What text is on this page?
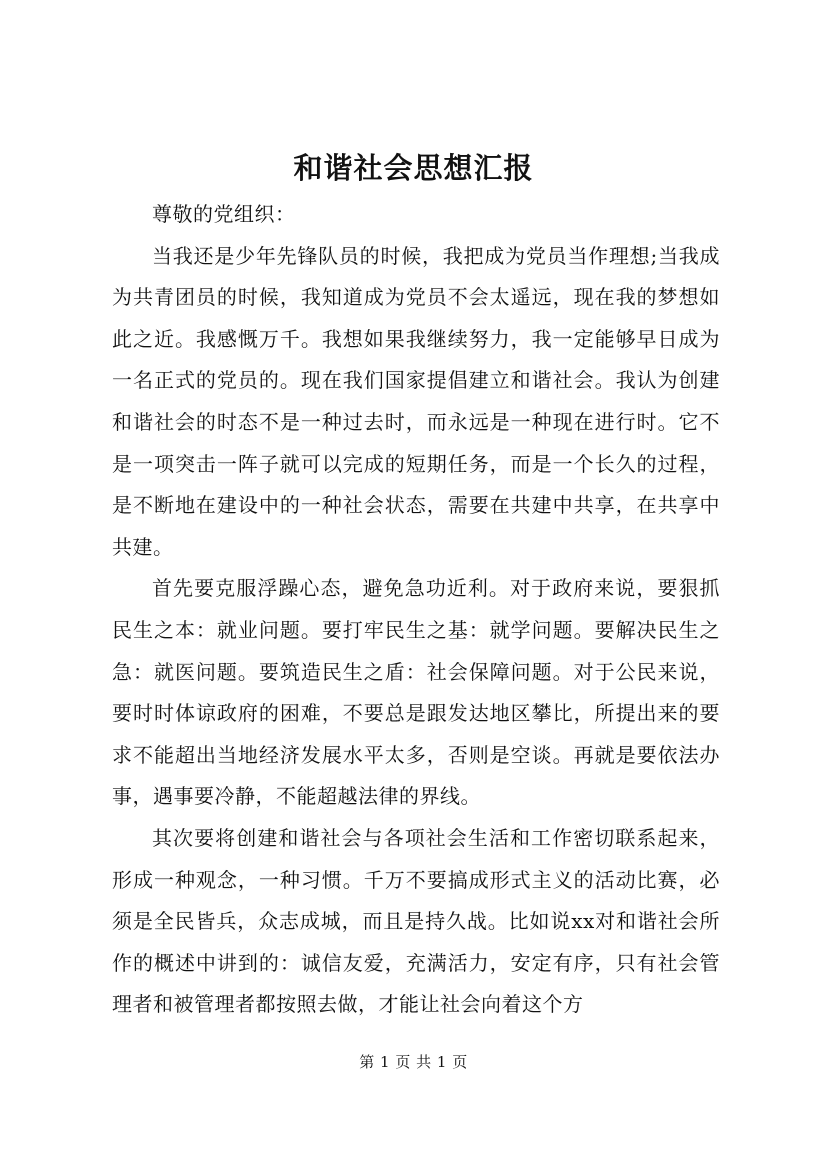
和谐社会思想汇报

尊敬的党组织：

当我还是少年先锋队员的时候，我把成为党员当作理想;当我成为共青团员的时候，我知道成为党员不会太遥远，现在我的梦想如此之近。我感慨万千。我想如果我继续努力，我一定能够早日成为一名正式的党员的。现在我们国家提倡建立和谐社会。我认为创建和谐社会的时态不是一种过去时，而永远是一种现在进行时。它不是一项突击一阵子就可以完成的短期任务，而是一个长久的过程，是不断地在建设中的一种社会状态，需要在共建中共享，在共享中共建。

首先要克服浮躁心态，避免急功近利。对于政府来说，要狠抓民生之本：就业问题。要打牢民生之基：就学问题。要解决民生之急：就医问题。要筑造民生之盾：社会保障问题。对于公民来说，要时时体谅政府的困难，不要总是跟发达地区攀比，所提出来的要求不能超出当地经济发展水平太多，否则是空谈。再就是要依法办事，遇事要冷静，不能超越法律的界线。

其次要将创建和谐社会与各项社会生活和工作密切联系起来，形成一种观念，一种习惯。千万不要搞成形式主义的活动比赛，必须是全民皆兵，众志成城，而且是持久战。比如说xx对和谐社会所作的概述中讲到的：诚信友爱，充满活力，安定有序，只有社会管理者和被管理者都按照去做，才能让社会向着这个方

第 1 页 共 1 页
